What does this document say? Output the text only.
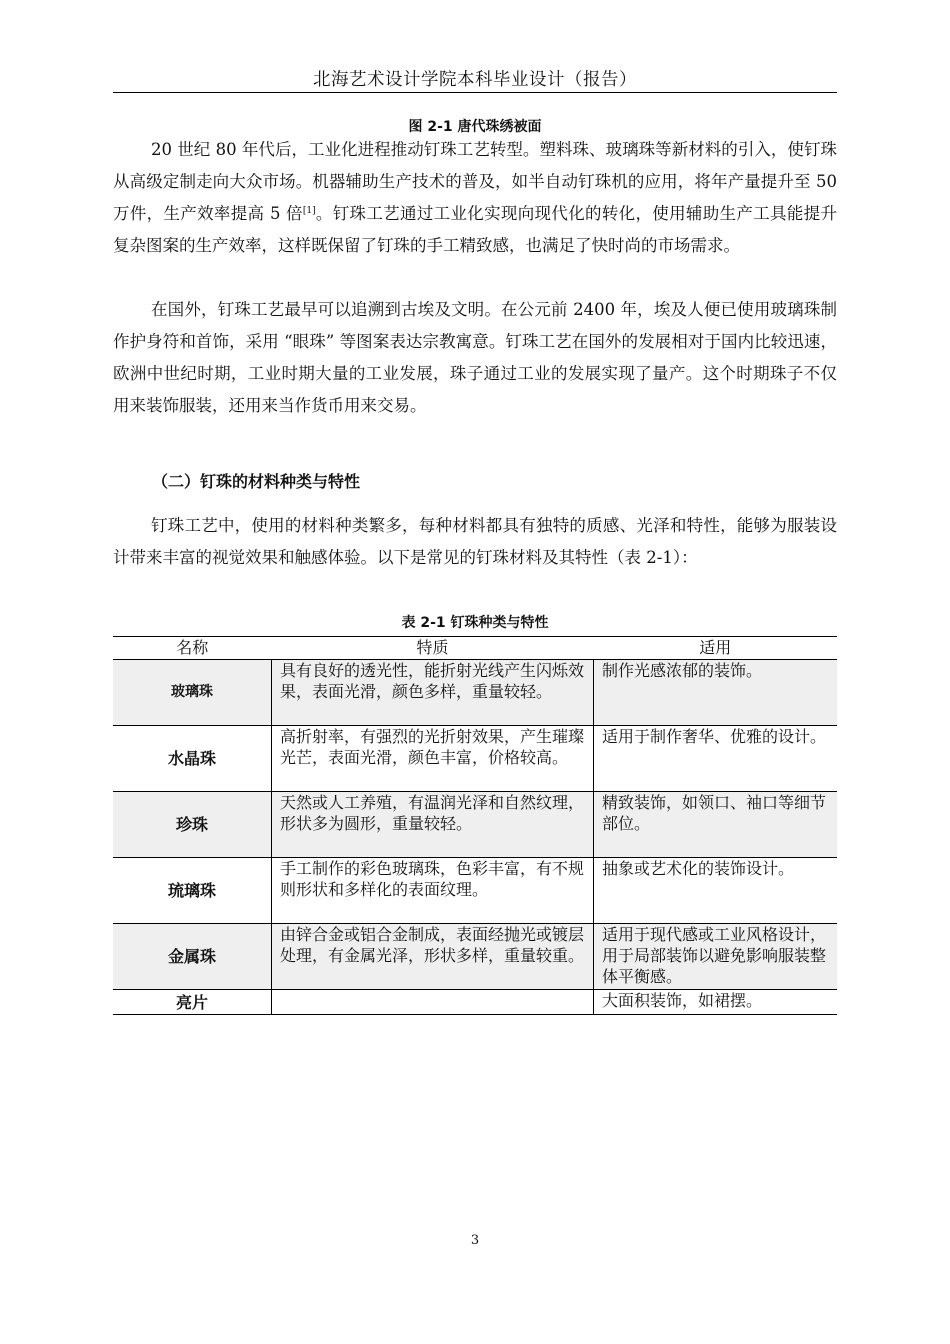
北海艺术设计学院本科毕业设计（报告）
图 2-1 唐代珠绣被面
20 世纪 80 年代后，工业化进程推动钉珠工艺转型。塑料珠、玻璃珠等新材料的引入，使钉珠从高级定制走向大众市场。机器辅助生产技术的普及，如半自动钉珠机的应用，将年产量提升至 50 万件，生产效率提高 5 倍[1]。钉珠工艺通过工业化实现向现代化的转化，使用辅助生产工具能提升复杂图案的生产效率，这样既保留了钉珠的手工精致感，也满足了快时尚的市场需求。
在国外，钉珠工艺最早可以追溯到古埃及文明。在公元前 2400 年，埃及人便已使用玻璃珠制作护身符和首饰，采用 “眼珠” 等图案表达宗教寓意。钉珠工艺在国外的发展相对于国内比较迅速，欧洲中世纪时期，工业时期大量的工业发展，珠子通过工业的发展实现了量产。这个时期珠子不仅用来装饰服装，还用来当作货币用来交易。
（二）钉珠的材料种类与特性
钉珠工艺中，使用的材料种类繁多，每种材料都具有独特的质感、光泽和特性，能够为服装设计带来丰富的视觉效果和触感体验。以下是常见的钉珠材料及其特性（表 2-1）：
表 2-1 钉珠种类与特性
名称	特质	适用
玻璃珠	具有良好的透光性，能折射光线产生闪烁效果，表面光滑，颜色多样，重量较轻。	制作光感浓郁的装饰。
水晶珠	高折射率，有强烈的光折射效果，产生璀璨光芒，表面光滑，颜色丰富，价格较高。	适用于制作奢华、优雅的设计。
珍珠	天然或人工养殖，有温润光泽和自然纹理，形状多为圆形，重量较轻。	精致装饰，如领口、袖口等细节部位。
琉璃珠	手工制作的彩色玻璃珠，色彩丰富，有不规则形状和多样化的表面纹理。	抽象或艺术化的装饰设计。
金属珠	由锌合金或铝合金制成，表面经抛光或镀层处理，有金属光泽，形状多样，重量较重。	适用于现代感或工业风格设计，用于局部装饰以避免影响服装整体平衡感。
亮片		大面积装饰，如裙摆。
3
